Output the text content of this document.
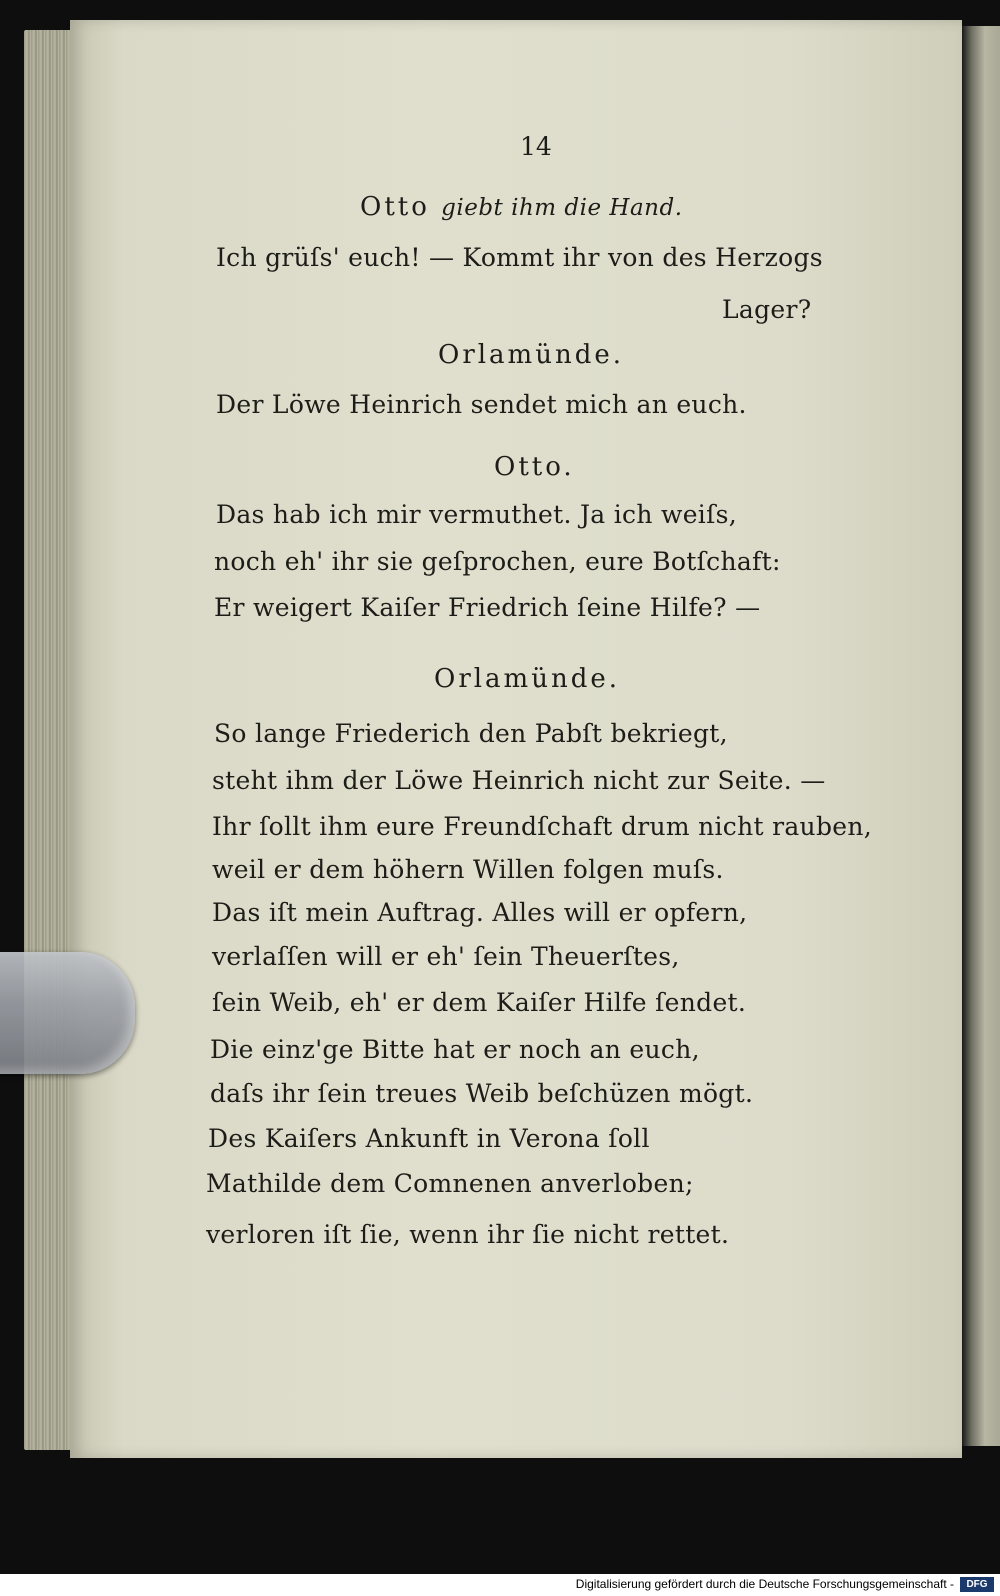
14
Otto giebt ihm die Hand.
Ich grüſs' euch! — Kommt ihr von des Herzogs
Lager?
Orlamünde.
Der Löwe Heinrich sendet mich an euch.
Otto.
Das hab ich mir vermuthet. Ja ich weiſs,
noch eh' ihr sie geſprochen, eure Botſchaft:
Er weigert Kaiſer Friedrich ſeine Hilfe? —
Orlamünde.
So lange Friederich den Pabſt bekriegt,
steht ihm der Löwe Heinrich nicht zur Seite. —
Ihr ſollt ihm eure Freundſchaft drum nicht rauben,
weil er dem höhern Willen folgen muſs.
Das iſt mein Auftrag. Alles will er opfern,
verlaſſen will er eh' ſein Theuerſtes,
ſein Weib, eh' er dem Kaiſer Hilfe ſendet.
Die einz'ge Bitte hat er noch an euch,
daſs ihr ſein treues Weib beſchüzen mögt.
Des Kaiſers Ankunft in Verona ſoll
Mathilde dem Comnenen anverloben;
verloren iſt ſie, wenn ihr ſie nicht rettet.
Digitalisierung gefördert durch die Deutsche Forschungsgemeinschaft -	DFG
